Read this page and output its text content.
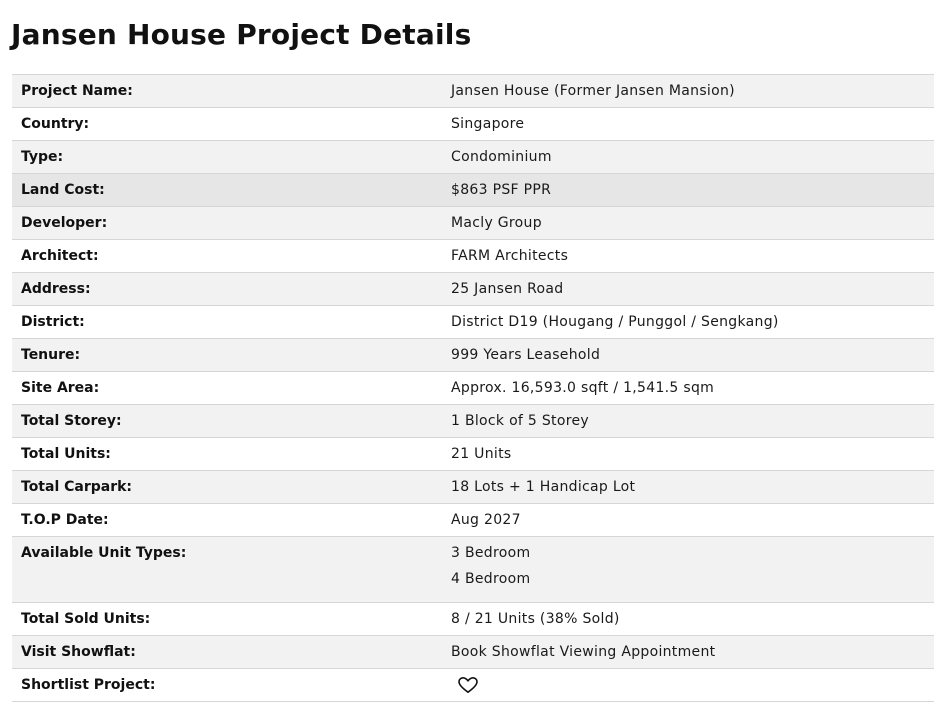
Jansen House Project Details
Project Name:	Jansen House (Former Jansen Mansion)
Country:	Singapore
Type:	Condominium
Land Cost:	$863 PSF PPR
Developer:	Macly Group
Architect:	FARM Architects
Address:	25 Jansen Road
District:	District D19 (Hougang / Punggol / Sengkang)
Tenure:	999 Years Leasehold
Site Area:	Approx. 16,593.0 sqft / 1,541.5 sqm
Total Storey:	1 Block of 5 Storey
Total Units:	21 Units
Total Carpark:	18 Lots + 1 Handicap Lot
T.O.P Date:	Aug 2027
Available Unit Types:	3 Bedroom
4 Bedroom

Total Sold Units:	8 / 21 Units (38% Sold)
Visit Showflat:	Book Showflat Viewing Appointment
Shortlist Project:	
